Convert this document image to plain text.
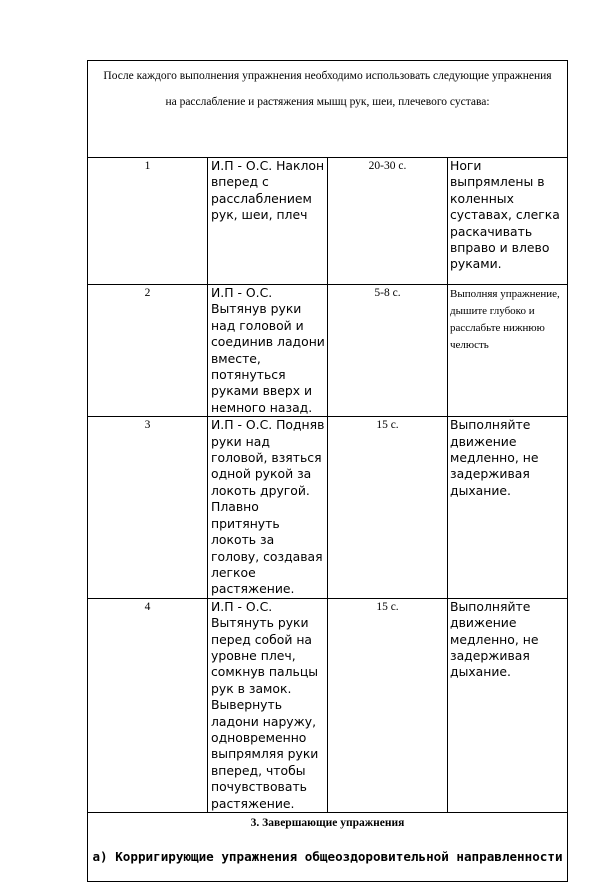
После каждого выполнения упражнения необходимо использовать следующие упражнения на расслабление и растяжения мышц рук, шеи, плечевого сустава:			
1	И.П - О.С. Наклон вперед с расслаблением рук, шеи, плеч	20-30 с.	Ноги выпрямлены в коленных суставах, слегка раскачивать вправо и влево руками.
2	И.П - О.С. Вытянув руки над головой и соединив ладони вместе, потянуться руками вверх и немного назад.	5-8 с.	Выполняя упражнение, дышите глубоко и расслабьте нижнюю челюсть
3	И.П - О.С. Подняв руки над головой, взяться одной рукой за локоть другой. Плавно притянуть локоть за голову, создавая легкое растяжение.	15 с.	Выполняйте движение медленно, не задерживая дыхание.
4	И.П - О.С. Вытянуть руки перед собой на уровне плеч, сомкнув пальцы рук в замок. Вывернуть ладони наружу, одновременно выпрямляя руки вперед, чтобы почувствовать растяжение.	15 с.	Выполняйте движение медленно, не задерживая дыхание.

3. Завершающие упражнения
а) Корригирующие упражнения общеоздоровительной направленности			
